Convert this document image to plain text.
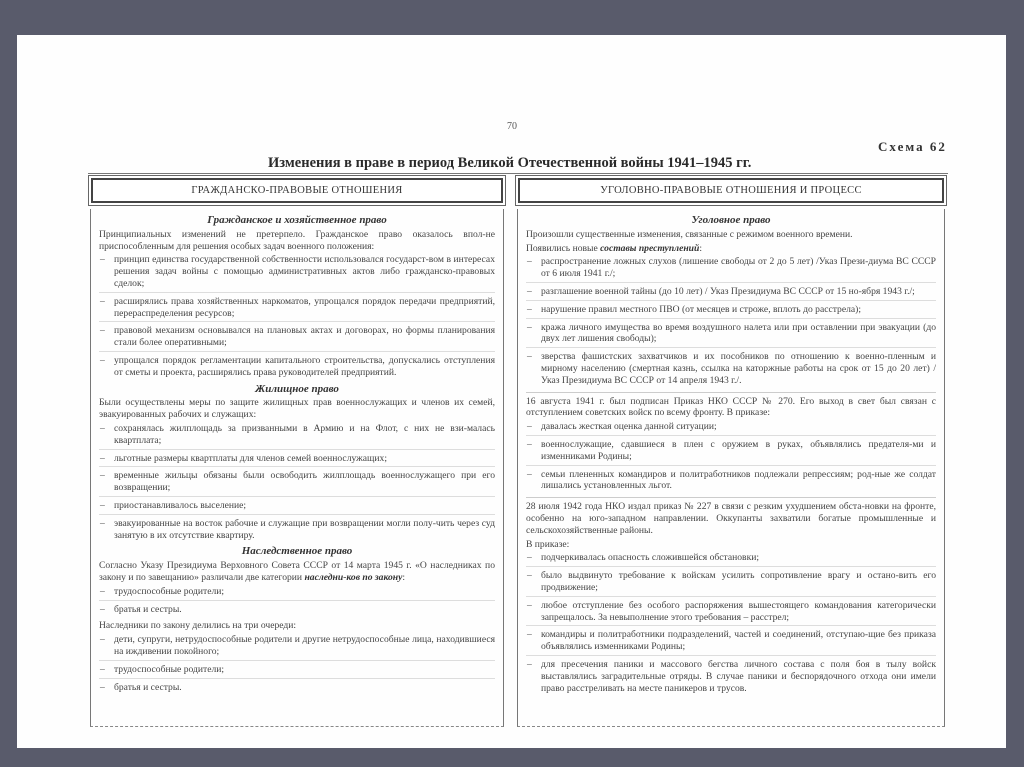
70
Схема 62
Изменения в праве в период Великой Отечественной войны 1941–1945 гг.
ГРАЖДАНСКО-ПРАВОВЫЕ ОТНОШЕНИЯ
Гражданское и хозяйственное право
Принципиальных изменений не претерпело. Гражданское право оказалось впол-не приспособленным для решения особых задач военного положения:
– принцип единства государственной собственности использовался государст-вом в интересах решения задач войны с помощью административных актов либо гражданско-правовых сделок;
– расширялись права хозяйственных наркоматов, упрощался порядок передачи предприятий, перераспределения ресурсов;
– правовой механизм основывался на плановых актах и договорах, но формы планирования стали более оперативными;
– упрощался порядок регламентации капитального строительства, допускались отступления от сметы и проекта, расширялись права руководителей предприятий.
Жилищное право
Были осуществлены меры по защите жилищных прав военнослужащих и членов их семей, эвакуированных рабочих и служащих:
– сохранялась жилплощадь за призванными в Армию и на Флот, с них не взи-малась квартплата;
– льготные размеры квартплаты для членов семей военнослужащих;
– временные жильцы обязаны были освободить жилплощадь военнослужащего при его возвращении;
– приостанавливалось выселение;
– эвакуированные на восток рабочие и служащие при возвращении могли полу-чить через суд занятую в их отсутствие квартиру.
Наследственное право
Согласно Указу Президиума Верховного Совета СССР от 14 марта 1945 г. «О наследниках по закону и по завещанию» различали две категории наследни-ков по закону:
– трудоспособные родители;
– братья и сестры.
Наследники по закону делились на три очереди:
– дети, супруги, нетрудоспособные родители и другие нетрудоспособные лица, находившиеся на иждивении покойного;
– трудоспособные родители;
– братья и сестры.
УГОЛОВНО-ПРАВОВЫЕ ОТНОШЕНИЯ И ПРОЦЕСС
Уголовное право
Произошли существенные изменения, связанные с режимом военного времени.
Появились новые составы преступлений:
– распространение ложных слухов (лишение свободы от 2 до 5 лет) /Указ Прези-диума ВС СССР от 6 июля 1941 г./;
– разглашение военной тайны (до 10 лет) / Указ Президиума ВС СССР от 15 но-ября 1943 г./;
– нарушение правил местного ПВО (от месяцев и строже, вплоть до расстрела);
– кража личного имущества во время воздушного налета или при оставлении при эвакуации (до двух лет лишения свободы);
– зверства фашистских захватчиков и их пособников по отношению к военно-пленным и мирному населению (смертная казнь, ссылка на каторжные работы на срок от 15 до 20 лет) / Указ Президиума ВС СССР от 14 апреля 1943 г./.
16 августа 1941 г. был подписан Приказ НКО СССР № 270. Его выход в свет был связан с отступлением советских войск по всему фронту. В приказе:
– давалась жесткая оценка данной ситуации;
– военнослужащие, сдавшиеся в плен с оружием в руках, объявлялись предателя-ми и изменниками Родины;
– семьи плененных командиров и политработников подлежали репрессиям; род-ные же солдат лишались установленных льгот.
28 июля 1942 года НКО издал приказ № 227 в связи с резким ухудшением обста-новки на фронте, особенно на юго-западном направлении. Оккупанты захватили богатые промышленные и сельскохозяйственные районы.
В приказе:
– подчеркивалась опасность сложившейся обстановки;
– было выдвинуто требование к войскам усилить сопротивление врагу и остано-вить его продвижение;
– любое отступление без особого распоряжения вышестоящего командования категорически запрещалось. За невыполнение этого требования – расстрел;
– командиры и политработники подразделений, частей и соединений, отступаю-щие без приказа объявлялись изменниками Родины;
– для пресечения паники и массового бегства личного состава с поля боя в тылу войск выставлялись заградительные отряды. В случае паники и беспорядочного отхода они имели право расстреливать на месте паникеров и трусов.
